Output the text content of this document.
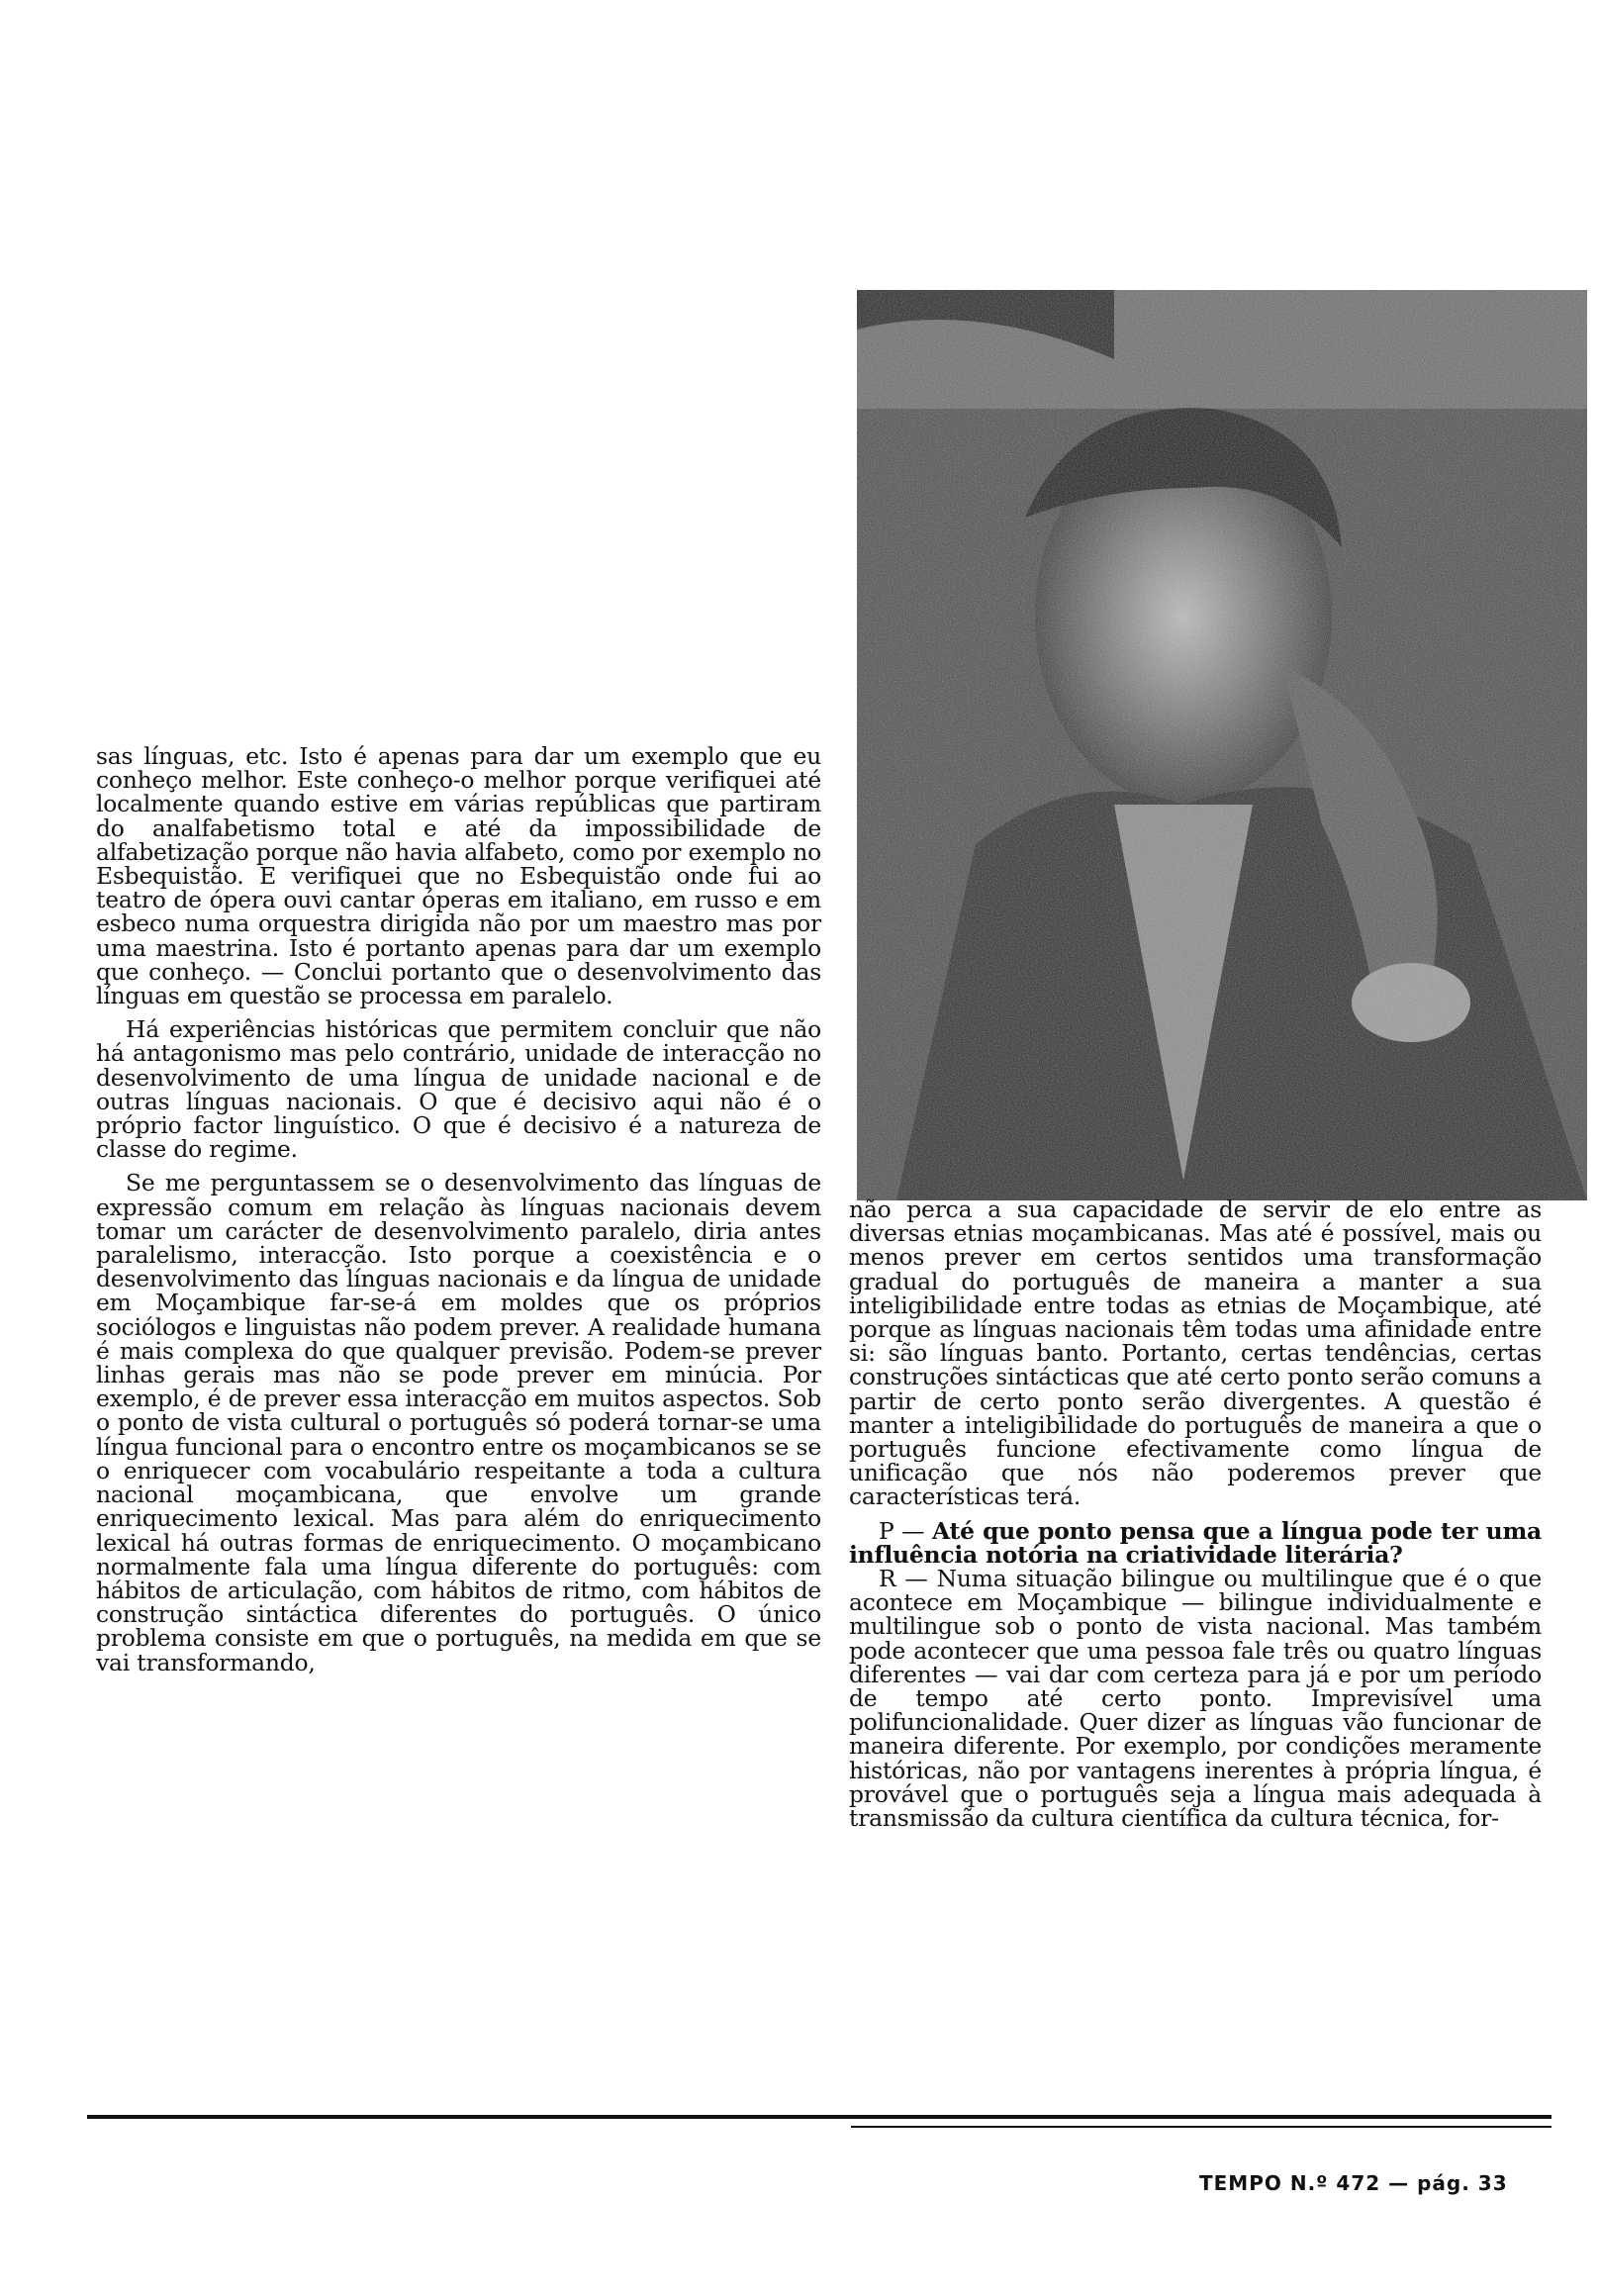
sas línguas, etc. Isto é apenas para dar um exemplo que eu conheço melhor. Este conheço-o melhor porque verifiquei até localmente quando estive em várias repúblicas que partiram do analfabetismo total e até da impossibilidade de alfabetização porque não havia alfabeto, como por exemplo no Esbequistão. E verifiquei que no Esbequistão onde fui ao teatro de ópera ouvi cantar óperas em italiano, em russo e em esbeco numa orquestra dirigida não por um maestro mas por uma maestrina. Isto é portanto apenas para dar um exemplo que conheço. — Conclui portanto que o desenvolvimento das línguas em questão se processa em paralelo.

Há experiências históricas que permitem concluir que não há antagonismo mas pelo contrário, unidade de interacção no desenvolvimento de uma língua de unidade nacional e de outras línguas nacionais. O que é decisivo aqui não é o próprio factor linguístico. O que é decisivo é a natureza de classe do regime.

Se me perguntassem se o desenvolvimento das línguas de expressão comum em relação às línguas nacionais devem tomar um carácter de desenvolvimento paralelo, diria antes paralelismo, interacção. Isto porque a coexistência e o desenvolvimento das línguas nacionais e da língua de unidade em Moçambique far-se-á em moldes que os próprios sociólogos e linguistas não podem prever. A realidade humana é mais complexa do que qualquer previsão. Podem-se prever linhas gerais mas não se pode prever em minúcia. Por exemplo, é de prever essa interacção em muitos aspectos. Sob o ponto de vista cultural o português só poderá tornar-se uma língua funcional para o encontro entre os moçambicanos se se o enriquecer com vocabulário respeitante a toda a cultura nacional moçambicana, que envolve um grande enriquecimento lexical. Mas para além do enriquecimento lexical há outras formas de enriquecimento. O moçambicano normalmente fala uma língua diferente do português: com hábitos de articulação, com hábitos de ritmo, com hábitos de construção sintáctica diferentes do português. O único problema consiste em que o português, na medida em que se vai transformando,

não perca a sua capacidade de servir de elo entre as diversas etnias moçambicanas. Mas até é possível, mais ou menos prever em certos sentidos uma transformação gradual do português de maneira a manter a sua inteligibilidade entre todas as etnias de Moçambique, até porque as línguas nacionais têm todas uma afinidade entre si: são línguas banto. Portanto, certas tendências, certas construções sintácticas que até certo ponto serão comuns a partir de certo ponto serão divergentes. A questão é manter a inteligibilidade do português de maneira a que o português funcione efectivamente como língua de unificação que nós não poderemos prever que características terá.

P — Até que ponto pensa que a língua pode ter uma influência notória na criatividade literária?

R — Numa situação bilingue ou multilingue que é o que acontece em Moçambique — bilingue individualmente e multilingue sob o ponto de vista nacional. Mas também pode acontecer que uma pessoa fale três ou quatro línguas diferentes — vai dar com certeza para já e por um período de tempo até certo ponto. Imprevisível uma polifuncionalidade. Quer dizer as línguas vão funcionar de maneira diferente. Por exemplo, por condições meramente históricas, não por vantagens inerentes à própria língua, é provável que o português seja a língua mais adequada à transmissão da cultura científica da cultura técnica, for-

TEMPO N.º 472 — pág. 33
